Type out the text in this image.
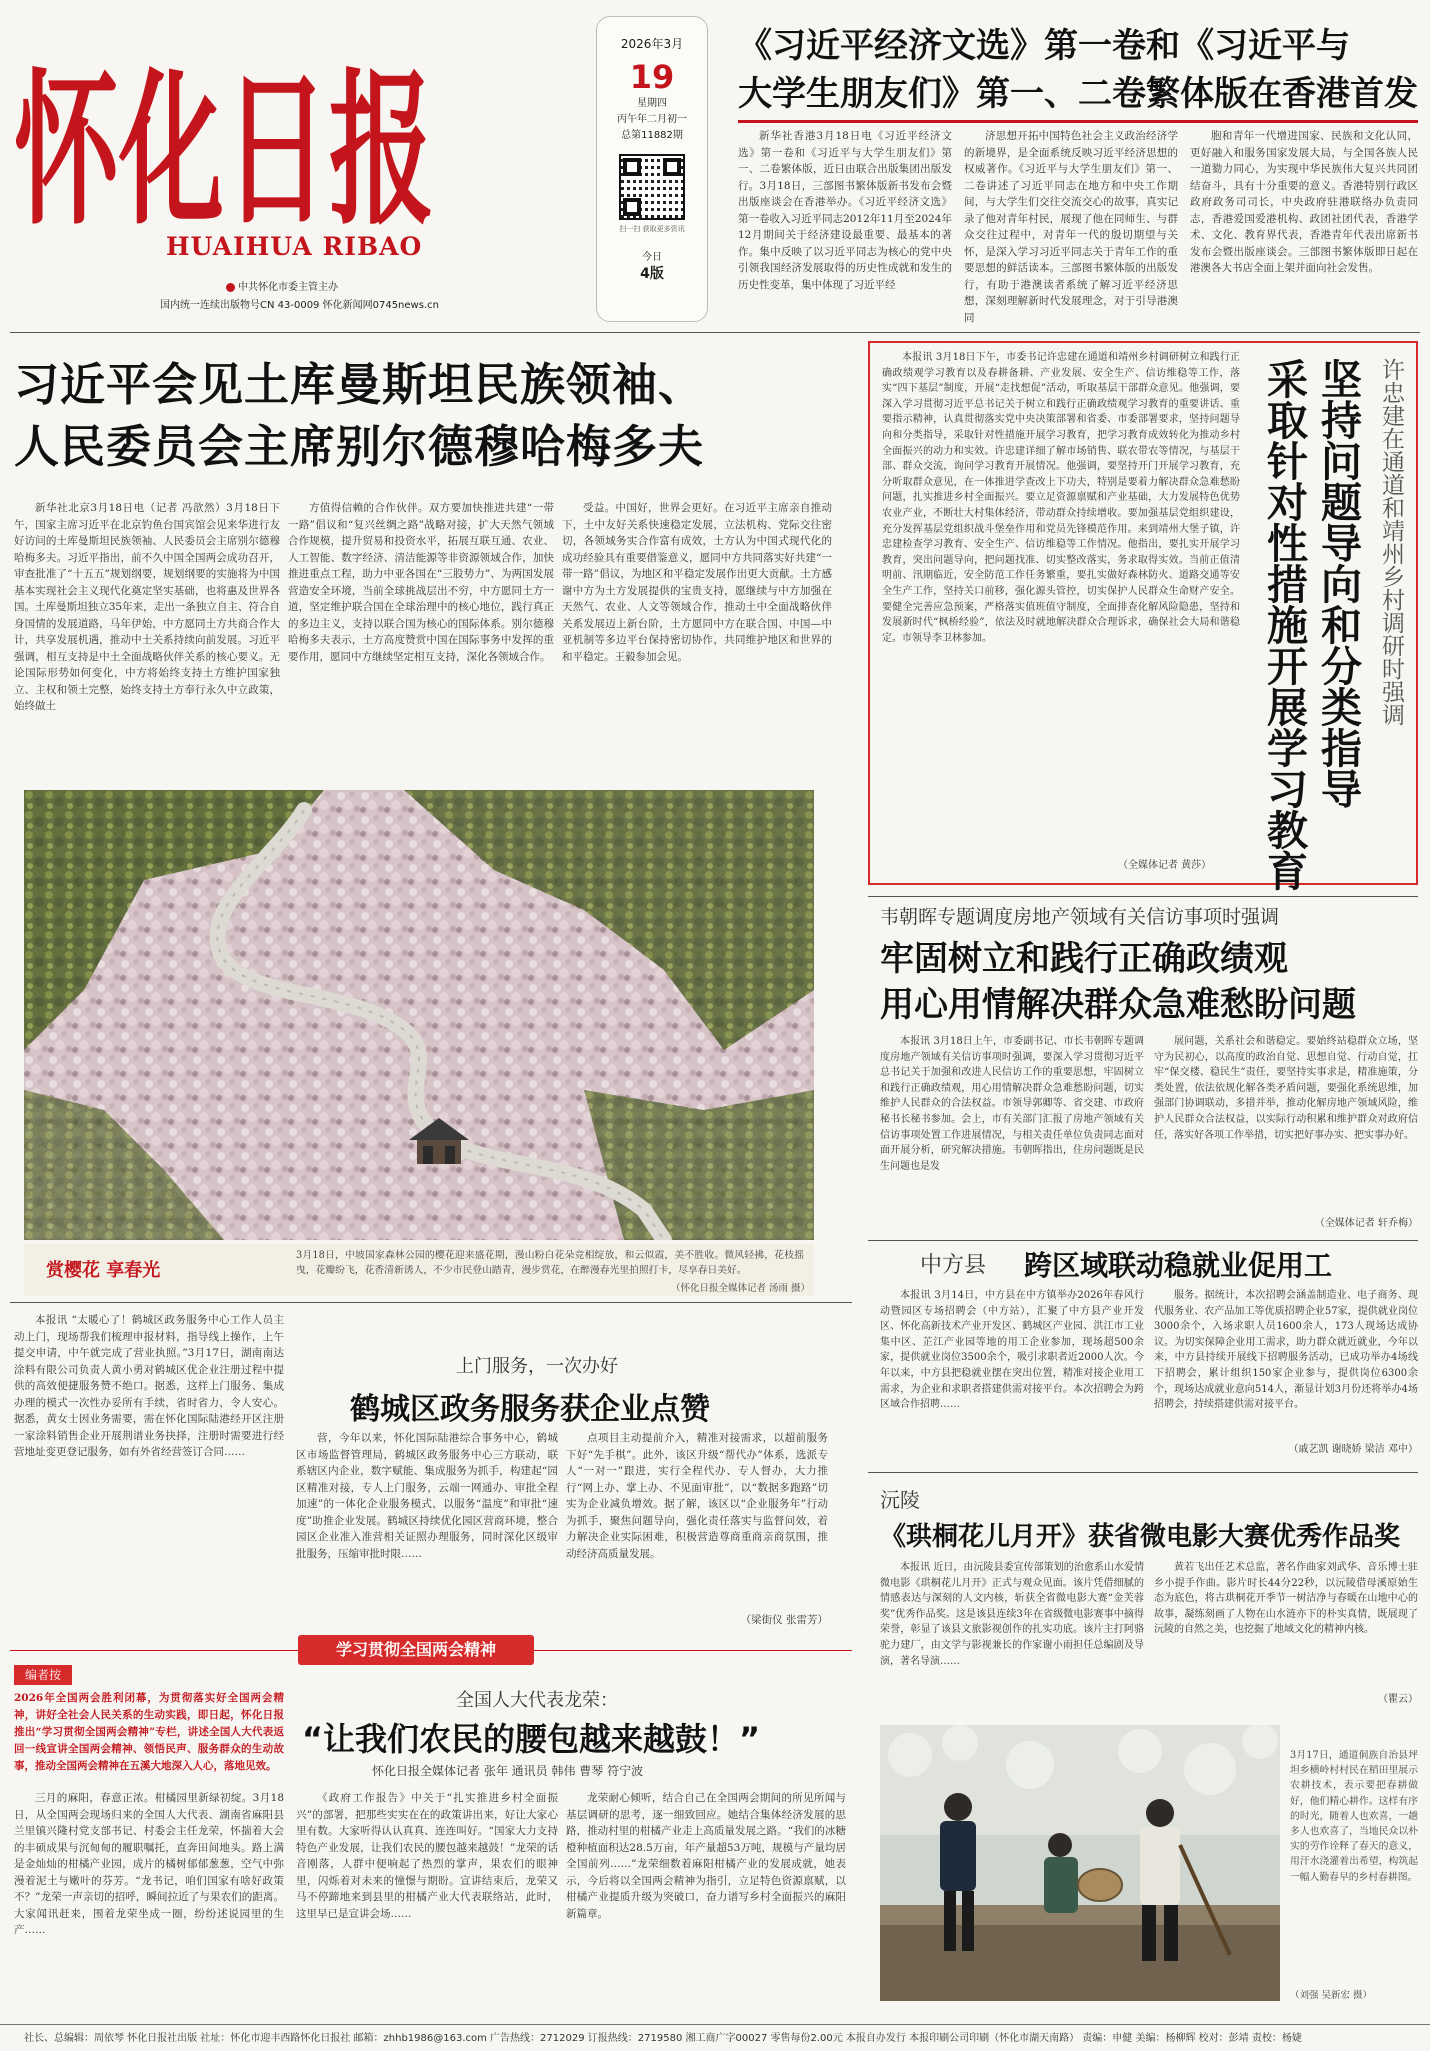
怀化日报
HUAIHUA RIBAO
中共怀化市委主管主办
国内统一连续出版物号CN 43-0009 怀化新闻网0745news.cn
2026年3月
19
星期四
丙午年二月初一
总第11882期
扫一扫 获取更多资讯
今日
4版
《习近平经济文选》第一卷和《习近平与
大学生朋友们》第一、二卷繁体版在香港首发

新华社香港3月18日电《习近平经济文选》第一卷和《习近平与大学生朋友们》第一、二卷繁体版，近日由联合出版集团出版发行。3月18日，三部图书繁体版新书发布会暨出版座谈会在香港举办。《习近平经济文选》第一卷收入习近平同志2012年11月至2024年12月期间关于经济建设最重要、最基本的著作。集中反映了以习近平同志为核心的党中央引领我国经济发展取得的历史性成就和发生的历史性变革，集中体现了习近平经

济思想开拓中国特色社会主义政治经济学的新境界，是全面系统反映习近平经济思想的权威著作。《习近平与大学生朋友们》第一、二卷讲述了习近平同志在地方和中央工作期间，与大学生们交往交流交心的故事，真实记录了他对青年村民，展现了他在同师生、与群众交往过程中，对青年一代的殷切期望与关怀，是深入学习习近平同志关于青年工作的重要思想的鲜活读本。三部图书繁体版的出版发行，有助于港澳读者系统了解习近平经济思想，深刻理解新时代发展理念，对于引导港澳同

胞和青年一代增进国家、民族和文化认同，更好融入和服务国家发展大局，与全国各族人民一道勠力同心，为实现中华民族伟大复兴共同团结奋斗，具有十分重要的意义。香港特别行政区政府政务司司长，中央政府驻港联络办负责同志，香港爱国爱港机构、政团社团代表，香港学术、文化、教育界代表，香港青年代表出席新书发布会暨出版座谈会。三部图书繁体版即日起在港澳各大书店全面上架并面向社会发售。

习近平会见土库曼斯坦民族领袖、
人民委员会主席别尔德穆哈梅多夫

新华社北京3月18日电（记者 冯歆然）3月18日下午，国家主席习近平在北京钓鱼台国宾馆会见来华进行友好访问的土库曼斯坦民族领袖、人民委员会主席别尔德穆哈梅多夫。习近平指出，前不久中国全国两会成功召开，审查批准了“十五五”规划纲要，规划纲要的实施将为中国基本实现社会主义现代化奠定坚实基础，也将惠及世界各国。土库曼斯坦独立35年来，走出一条独立自主、符合自身国情的发展道路，马年伊始，中方愿同土方共商合作大计，共享发展机遇，推动中土关系持续向前发展。习近平强调，相互支持是中土全面战略伙伴关系的核心要义。无论国际形势如何变化，中方将始终支持土方维护国家独立、主权和领土完整，始终支持土方奉行永久中立政策，始终做土

方值得信赖的合作伙伴。双方要加快推进共建“一带一路”倡议和“复兴丝绸之路”战略对接，扩大天然气领域合作规模，提升贸易和投资水平，拓展互联互通、农业、人工智能、数字经济、清洁能源等非资源领域合作，加快推进重点工程，助力中亚各国在“三股势力”、为两国发展营造安全环境，当前全球挑战层出不穷，中方愿同土方一道，坚定维护联合国在全球治理中的核心地位，践行真正的多边主义，支持以联合国为核心的国际体系。别尔德穆哈梅多夫表示，土方高度赞赏中国在国际事务中发挥的重要作用，愿同中方继续坚定相互支持，深化各领域合作。

受益。中国好，世界会更好。在习近平主席亲自推动下，土中友好关系快速稳定发展，立法机构、党际交往密切，各领域务实合作富有成效，土方认为中国式现代化的成功经验具有重要借鉴意义，愿同中方共同落实好共建“一带一路”倡议，为地区和平稳定发展作出更大贡献。土方感谢中方为土方发展提供的宝贵支持，愿继续与中方加强在天然气、农业、人文等领域合作，推动土中全面战略伙伴关系发展迈上新台阶，土方愿同中方在联合国、中国—中亚机制等多边平台保持密切协作，共同维护地区和世界的和平稳定。王毅参加会见。

本报讯 3月18日下午，市委书记许忠建在通道和靖州乡村调研树立和践行正确政绩观学习教育以及春耕备耕、产业发展、安全生产、信访维稳等工作，落实“四下基层”制度，开展“走找想促”活动，听取基层干部群众意见。他强调，要深入学习贯彻习近平总书记关于树立和践行正确政绩观学习教育的重要讲话、重要指示精神，认真贯彻落实党中央决策部署和省委、市委部署要求，坚持问题导向和分类指导，采取针对性措施开展学习教育，把学习教育成效转化为推动乡村全面振兴的动力和实效。许忠建详细了解市场销售、联农带农等情况，与基层干部、群众交流，询问学习教育开展情况。他强调，要坚持开门开展学习教育，充分听取群众意见，在一体推进学查改上下功夫，特别是要着力解决群众急难愁盼问题，扎实推进乡村全面振兴。要立足资源禀赋和产业基础，大力发展特色优势农业产业，不断壮大村集体经济，带动群众持续增收。要加强基层党组织建设，充分发挥基层党组织战斗堡垒作用和党员先锋模范作用。来到靖州大堡子镇，许忠建检查学习教育、安全生产、信访维稳等工作情况。他指出，要扎实开展学习教育，突出问题导向，把问题找准、切实整改落实，务求取得实效。当前正值清明前、汛期临近，安全防范工作任务繁重，要扎实做好森林防火、道路交通等安全生产工作，坚持关口前移，强化源头管控，切实保护人民群众生命财产安全。要健全完善应急预案，严格落实值班值守制度，全面排查化解风险隐患，坚持和发展新时代“枫桥经验”，依法及时就地解决群众合理诉求，确保社会大局和谐稳定。市领导李卫林参加。

（全媒体记者 黄莎）
坚持问题导向和分类指导
采取针对性措施开展学习教育	许忠建在通道和靖州乡村调研时强调
赏樱花 享春光
3月18日，中坡国家森林公园的樱花迎来盛花期，漫山粉白花朵竞相绽放，和云似霞，美不胜收。微风轻拂，花枝摇曳，花瓣纷飞，花香清新诱人，不少市民登山踏青，漫步赏花，在醉漫春光里拍照打卡，尽享春日美好。
（怀化日报全媒体记者 汤雨 摄）
韦朝晖专题调度房地产领域有关信访事项时强调
牢固树立和践行正确政绩观
用心用情解决群众急难愁盼问题

本报讯 3月18日上午，市委副书记、市长韦朝晖专题调度房地产领域有关信访事项时强调，要深入学习贯彻习近平总书记关于加强和改进人民信访工作的重要思想，牢固树立和践行正确政绩观，用心用情解决群众急难愁盼问题，切实维护人民群众的合法权益。市领导郭卿等、省交建、市政府秘书长秘书参加。会上，市有关部门汇报了房地产领域有关信访事项处置工作进展情况，与相关责任单位负责同志面对面开展分析，研究解决措施。韦朝晖指出，住房问题既是民生问题也是发

展问题，关系社会和谐稳定。要始终站稳群众立场，坚守为民初心，以高度的政治自觉、思想自觉、行动自觉，扛牢“保交楼、稳民生”责任，要坚持实事求是，精准施策，分类处置，依法依规化解各类矛盾问题，要强化系统思维，加强部门协调联动，多措并举，推动化解房地产领域风险，维护人民群众合法权益，以实际行动积累和维护群众对政府信任，落实好各项工作举措，切实把好事办实、把实事办好。

（全媒体记者 轩乔梅）
中方县 跨区域联动稳就业促用工

本报讯 3月14日，中方县在中方镇举办2026年春风行动暨园区专场招聘会（中方站），汇聚了中方县产业开发区、怀化高新技术产业开发区、鹤城区产业园、洪江市工业集中区、芷江产业园等地的用工企业参加，现场超500余家，提供就业岗位3500余个，吸引求职者近2000人次。今年以来，中方县把稳就业摆在突出位置，精准对接企业用工需求，为企业和求职者搭建供需对接平台。本次招聘会为跨区域合作招聘……

服务。据统计，本次招聘会涵盖制造业、电子商务、现代服务业、农产品加工等优质招聘企业57家，提供就业岗位3000余个，入场求职人员1600余人，173人现场达成协议。为切实保障企业用工需求，助力群众就近就业，今年以来，中方县持续开展线下招聘服务活动，已成功举办4场线下招聘会，累计组织150家企业参与，提供岗位6300余个，现场达成就业意向514人，渐显计划3月份还将举办4场招聘会，持续搭建供需对接平台。

（戚艺凯 谢晓娇 梁洁 邓中）

本报讯 “太暖心了！鹤城区政务服务中心工作人员主动上门，现场帮我们梳理申报材料，指导线上操作，上午提交申请，中午就完成了营业执照。”3月17日，湖南南达涂料有限公司负责人黄小勇对鹤城区优企业注册过程中提供的高效便捷服务赞不绝口。据悉，这样上门服务、集成办理的模式一次性办妥所有手续，省时省力，令人安心。据悉，黄女士因业务需要，需在怀化国际陆港经开区注册一家涂料销售企业开展荆谱业务抉择，注册时需要进行经营地址变更登记服务，如有外省经营签订合同……

上门服务，一次办好
鹤城区政务服务获企业点赞

营，今年以来，怀化国际陆港综合事务中心，鹤城区市场监督管理局，鹤城区政务服务中心三方联动，联系辖区内企业，数字赋能、集成服务为抓手，构建起“园区精准对接，专人上门服务，云端一网通办、审批全程加速”的一体化企业服务模式，以服务“温度”和审批“速度”助推企业发展。鹤城区持续优化园区营商环境，整合园区企业准入准营相关证照办理服务，同时深化区级审批服务，压缩审批时限……

点项目主动提前介入，精准对接需求，以超前服务下好“先手棋”。此外，该区升级“帮代办”体系，选派专人“一对一”跟进，实行全程代办、专人督办，大力推行“网上办、掌上办、不见面审批”，以“数据多跑路”切实为企业减负增效。据了解，该区以“企业服务年”行动为抓手，聚焦问题导向，强化责任落实与监督问效，着力解决企业实际困难，积极营造尊商重商亲商氛围，推动经济高质量发展。

（梁街仪 张雷芳）
沅陵
《珙桐花儿月开》获省微电影大赛优秀作品奖

本报讯 近日，由沅陵县委宣传部策划的治愈系山水爱情微电影《珙桐花儿月开》正式与观众见面。该片凭借细腻的情感表达与深刻的人文内核，斩获全省微电影大赛“金芙蓉奖”优秀作品奖。这是该县连续3年在省级微电影赛事中摘得荣誉，彰显了该县文旅影视创作的扎实功底。该片主打阿骆驼力建厂，由文学与影视兼长的作家谢小雨担任总编剧及导演，著名导演……

黄若飞出任艺术总监，著名作曲家刘武华、音乐博士驻乡小提手作曲。影片时长44分22秒，以沅陵借母溪原始生态为底色，将古珙桐花开季节一树洁净与春暖在山地中心的故事，凝练刻画了人物在山水涟亦下的朴实真情，既展现了沅陵的自然之美，也挖掘了地域文化的精神内核。

（瞿云）
学习贯彻全国两会精神
编者按
2026年全国两会胜利闭幕，为贯彻落实好全国两会精神，讲好全社会人民关系的生动实践，即日起，怀化日报推出“学习贯彻全国两会精神”专栏，讲述全国人大代表返回一线宣讲全国两会精神、领悟民声、服务群众的生动故事，推动全国两会精神在五溪大地深入人心，落地见效。
全国人大代表龙荣：
“让我们农民的腰包越来越鼓！”
怀化日报全媒体记者 张年 通讯员 韩伟 曹琴 符宁波

三月的麻阳，春意正浓。柑橘园里新绿初绽。3月18日，从全国两会现场归来的全国人大代表、湖南省麻阳县兰里镇兴隆村党支部书记、村委会主任龙荣，怀揣着大会的丰硕成果与沉甸甸的履职嘱托，直奔田间地头。路上满是金灿灿的柑橘产业园，成片的橘树郁郁葱葱，空气中弥漫着泥土与嫩叶的芬芳。“龙书记，咱们国家有啥好政策不？”龙荣一声亲切的招呼，瞬间拉近了与果农们的距离。大家闻讯赶来，围着龙荣坐成一圈，纷纷述说园里的生产……

《政府工作报告》中关于“扎实推进乡村全面振兴”的部署，把那些实实在在的政策讲出来，好让大家心里有数。大家听得认认真真、连连叫好。“国家大力支持特色产业发展，让我们农民的腰包越来越鼓！”龙荣的话音刚落，人群中便响起了热烈的掌声，果农们的眼神里，闪烁着对未来的憧憬与期盼。宣讲结束后，龙荣又马不停蹄地来到县里的柑橘产业大代表联络站，此时，这里早已是宣讲会场……

龙荣耐心倾听，结合自己在全国两会期间的所见所闻与基层调研的思考，逐一细致回应。她结合集体经济发展的思路，推动村里的柑橘产业走上高质量发展之路。“我们的冰糖橙种植面积达28.5万亩，年产量超53万吨，规模与产量均居全国前列……”龙荣细数着麻阳柑橘产业的发展成就，她表示，今后将以全国两会精神为指引，立足特色资源禀赋，以柑橘产业提质升级为突破口，奋力谱写乡村全面振兴的麻阳新篇章。

3月17日，通道侗族自治县坪坦乡横岭村村民在稻田里展示农耕技术，表示要把春耕做好，他们精心耕作。这样有序的时光，随着人也欢喜，一趟多人也欢喜了，当地民众以朴实的劳作诠释了春天的意义，用汗水浇灌着出希望，构筑起一幅人勤春早的乡村春耕图。
（刘强 吴新宏 摄）
社长、总编辑：周依琴 怀化日报社出版 社址：怀化市迎丰西路怀化日报社 邮箱：zhhb1986@163.com 广告热线：2712029 订报热线：2719580 湘工商广字00027 零售每份2.00元 本报自办发行 本报印刷公司印刷（怀化市湖天南路） 责编：申健 美编：杨柳辉 校对：彭靖 责校：杨婕
